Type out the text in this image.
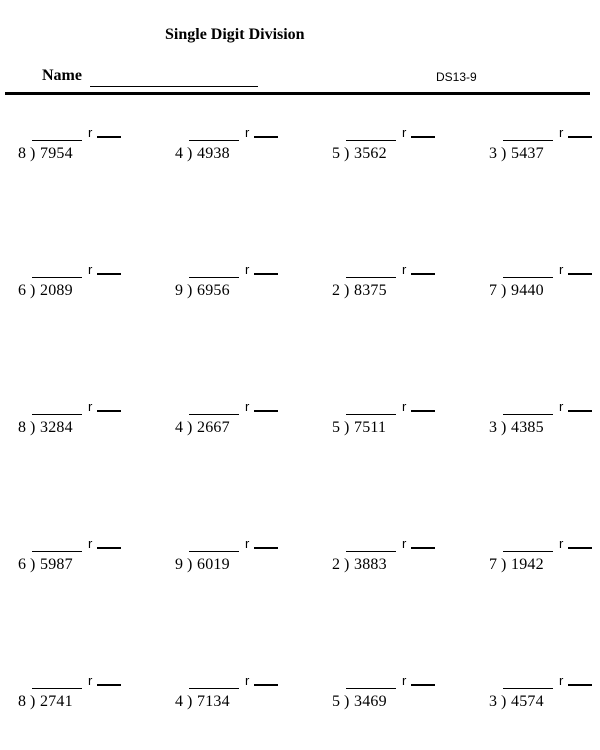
Single Digit Division
Name	DS13-9
8 ) 7954
r
4 ) 4938
r
5 ) 3562
r
3 ) 5437
r
6 ) 2089
r
9 ) 6956
r
2 ) 8375
r
7 ) 9440
r
8 ) 3284
r
4 ) 2667
r
5 ) 7511
r
3 ) 4385
r
6 ) 5987
r
9 ) 6019
r
2 ) 3883
r
7 ) 1942
r
8 ) 2741
r
4 ) 7134
r
5 ) 3469
r
3 ) 4574
r
